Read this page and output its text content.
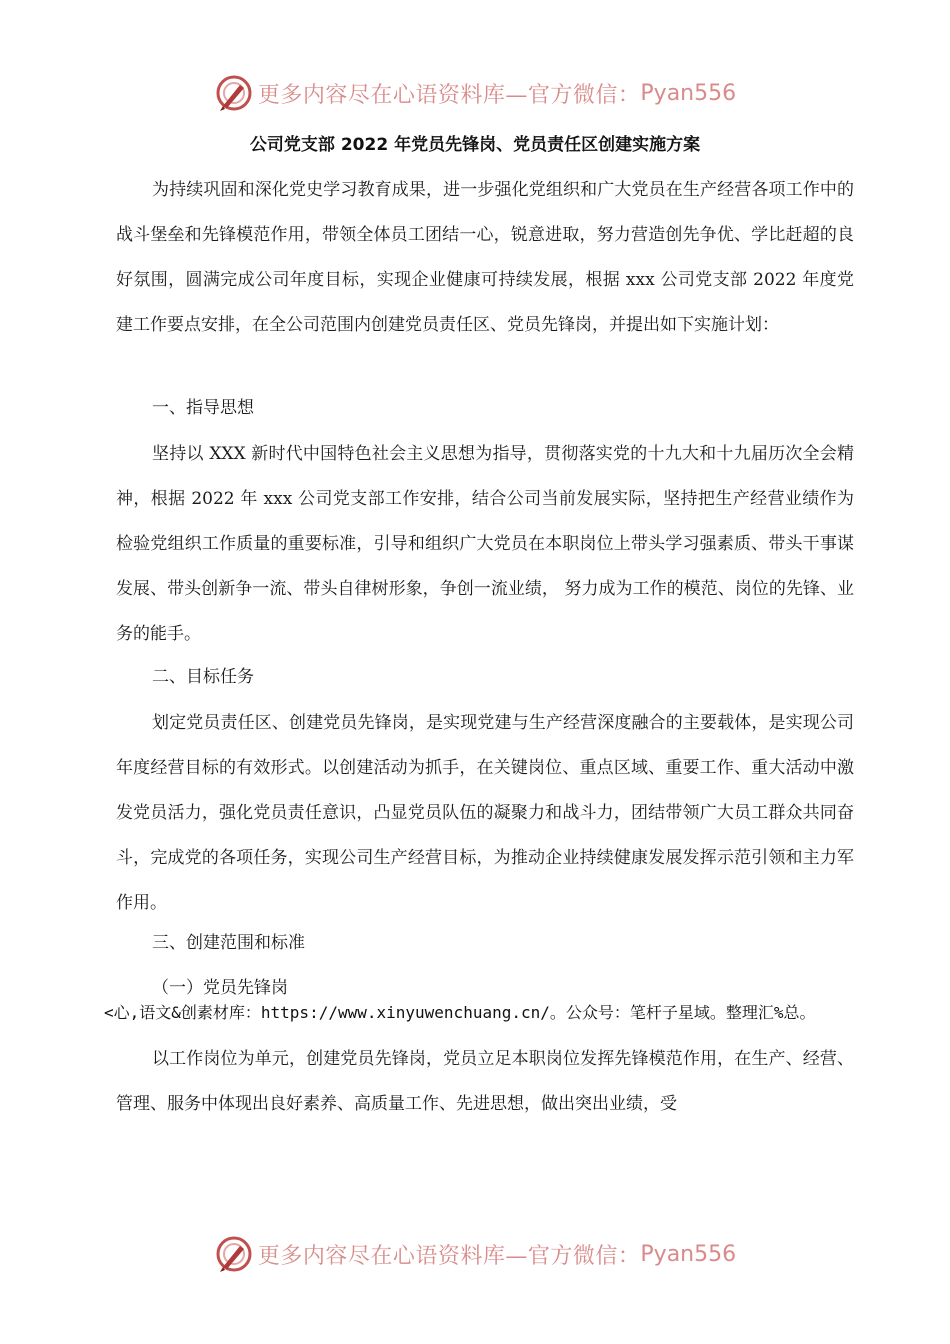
更多内容尽在心语资料库—官方微信： Pyan556
公司党支部 2022 年党员先锋岗、党员责任区创建实施方案

为持续巩固和深化党史学习教育成果，进一步强化党组织和广大党员在生产经营各项工作中的战斗堡垒和先锋模范作用，带领全体员工团结一心，锐意进取，努力营造创先争优、学比赶超的良好氛围，圆满完成公司年度目标，实现企业健康可持续发展，根据 xxx 公司党支部 2022 年度党建工作要点安排，在全公司范围内创建党员责任区、党员先锋岗，并提出如下实施计划：

一、指导思想

坚持以 XXX 新时代中国特色社会主义思想为指导，贯彻落实党的十九大和十九届历次全会精神，根据 2022 年 xxx 公司党支部工作安排，结合公司当前发展实际，坚持把生产经营业绩作为检验党组织工作质量的重要标准，引导和组织广大党员在本职岗位上带头学习强素质、带头干事谋发展、带头创新争一流、带头自律树形象，争创一流业绩， 努力成为工作的模范、岗位的先锋、业务的能手。

二、目标任务

划定党员责任区、创建党员先锋岗，是实现党建与生产经营深度融合的主要载体，是实现公司年度经营目标的有效形式。以创建活动为抓手，在关键岗位、重点区域、重要工作、重大活动中激发党员活力，强化党员责任意识，凸显党员队伍的凝聚力和战斗力，团结带领广大员工群众共同奋斗，完成党的各项任务，实现公司生产经营目标，为推动企业持续健康发展发挥示范引领和主力军作用。

三、创建范围和标准

（一）党员先锋岗

<心,语文&创素材库：https://www.xinyuwenchuang.cn/。公众号：笔杆子星域。整理汇%总。

以工作岗位为单元，创建党员先锋岗，党员立足本职岗位发挥先锋模范作用，在生产、经营、管理、服务中体现出良好素养、高质量工作、先进思想，做出突出业绩，受

更多内容尽在心语资料库—官方微信： Pyan556
